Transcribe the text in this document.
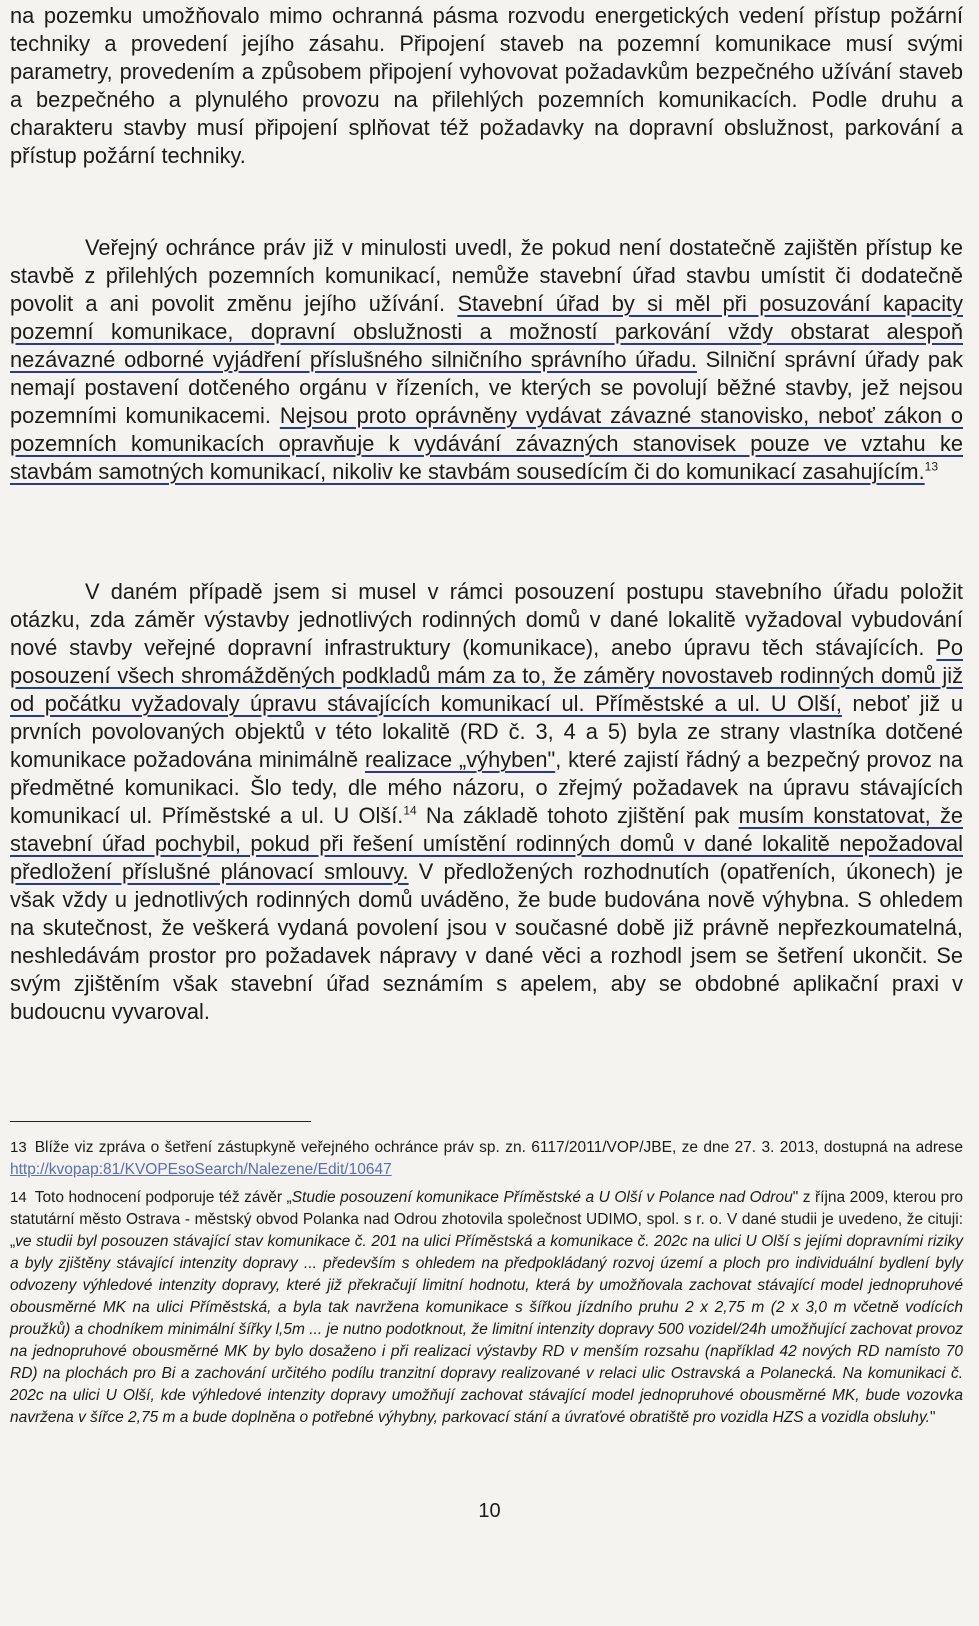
na pozemku umožňovalo mimo ochranná pásma rozvodu energetických vedení přístup požární techniky a provedení jejího zásahu. Připojení staveb na pozemní komunikace musí svými parametry, provedením a způsobem připojení vyhovovat požadavkům bezpečného užívání staveb a bezpečného a plynulého provozu na přilehlých pozemních komunikacích. Podle druhu a charakteru stavby musí připojení splňovat též požadavky na dopravní obslužnost, parkování a přístup požární techniky.

Veřejný ochránce práv již v minulosti uvedl, že pokud není dostatečně zajištěn přístup ke stavbě z přilehlých pozemních komunikací, nemůže stavební úřad stavbu umístit či dodatečně povolit a ani povolit změnu jejího užívání. Stavební úřad by si měl při posuzování kapacity pozemní komunikace, dopravní obslužnosti a možností parkování vždy obstarat alespoň nezávazné odborné vyjádření příslušného silničního správního úřadu. Silniční správní úřady pak nemají postavení dotčeného orgánu v řízeních, ve kterých se povolují běžné stavby, jež nejsou pozemními komunikacemi. Nejsou proto oprávněny vydávat závazné stanovisko, neboť zákon o pozemních komunikacích opravňuje k vydávání závazných stanovisek pouze ve vztahu ke stavbám samotných komunikací, nikoliv ke stavbám sousedícím či do komunikací zasahujícím.$^{13}$

V daném případě jsem si musel v rámci posouzení postupu stavebního úřadu položit otázku, zda záměr výstavby jednotlivých rodinných domů v dané lokalitě vyžadoval vybudování nové stavby veřejné dopravní infrastruktury (komunikace), anebo úpravu těch stávajících. Po posouzení všech shromážděných podkladů mám za to, že záměry novostaveb rodinných domů již od počátku vyžadovaly úpravu stávajících komunikací ul. Příměstské a ul. U Olší, neboť již u prvních povolovaných objektů v této lokalitě (RD č. 3, 4 a 5) byla ze strany vlastníka dotčené komunikace požadována minimálně realizace „výhyben", které zajistí řádný a bezpečný provoz na předmětné komunikaci. Šlo tedy, dle mého názoru, o zřejmý požadavek na úpravu stávajících komunikací ul. Příměstské a ul. U Olší.$^{14}$ Na základě tohoto zjištění pak musím konstatovat, že stavební úřad pochybil, pokud při řešení umístění rodinných domů v dané lokalitě nepožadoval předložení příslušné plánovací smlouvy. V předložených rozhodnutích (opatřeních, úkonech) je však vždy u jednotlivých rodinných domů uváděno, že bude budována nově výhybna. S ohledem na skutečnost, že veškerá vydaná povolení jsou v současné době již právně nepřezkoumatelná, neshledávám prostor pro požadavek nápravy v dané věci a rozhodl jsem se šetření ukončit. Se svým zjištěním však stavební úřad seznámím s apelem, aby se obdobné aplikační praxi v budoucnu vyvaroval.

13 Blíže viz zpráva o šetření zástupkyně veřejného ochránce práv sp. zn. 6117/2011/VOP/JBE, ze dne 27. 3. 2013, dostupná na adrese http://kvopap:81/KVOPEsoSearch/Nalezene/Edit/10647

14 Toto hodnocení podporuje též závěr „Studie posouzení komunikace Příměstské a U Olší v Polance nad Odrou" z října 2009, kterou pro statutární město Ostrava - městský obvod Polanka nad Odrou zhotovila společnost UDIMO, spol. s r. o. V dané studii je uvedeno, že cituji: „ve studii byl posouzen stávající stav komunikace č. 201 na ulici Příměstská a komunikace č. 202c na ulici U Olší s jejími dopravními riziky a byly zjištěny stávající intenzity dopravy ... především s ohledem na předpokládaný rozvoj území a ploch pro individuální bydlení byly odvozeny výhledové intenzity dopravy, které již překračují limitní hodnotu, která by umožňovala zachovat stávající model jednopruhové obousměrné MK na ulici Příměstská, a byla tak navržena komunikace s šířkou jízdního pruhu 2 x 2,75 m (2 x 3,0 m včetně vodících proužků) a chodníkem minimální šířky l,5m ... je nutno podotknout, že limitní intenzity dopravy 500 vozidel/24h umožňující zachovat provoz na jednopruhové obousměrné MK by bylo dosaženo i při realizaci výstavby RD v menším rozsahu (například 42 nových RD namísto 70 RD) na plochách pro Bi a zachování určitého podílu tranzitní dopravy realizované v relaci ulic Ostravská a Polanecká. Na komunikaci č. 202c na ulici U Olší, kde výhledové intenzity dopravy umožňují zachovat stávající model jednopruhové obousměrné MK, bude vozovka navržena v šířce 2,75 m a bude doplněna o potřebné výhybny, parkovací stání a úvraťové obratiště pro vozidla HZS a vozidla obsluhy."

10
